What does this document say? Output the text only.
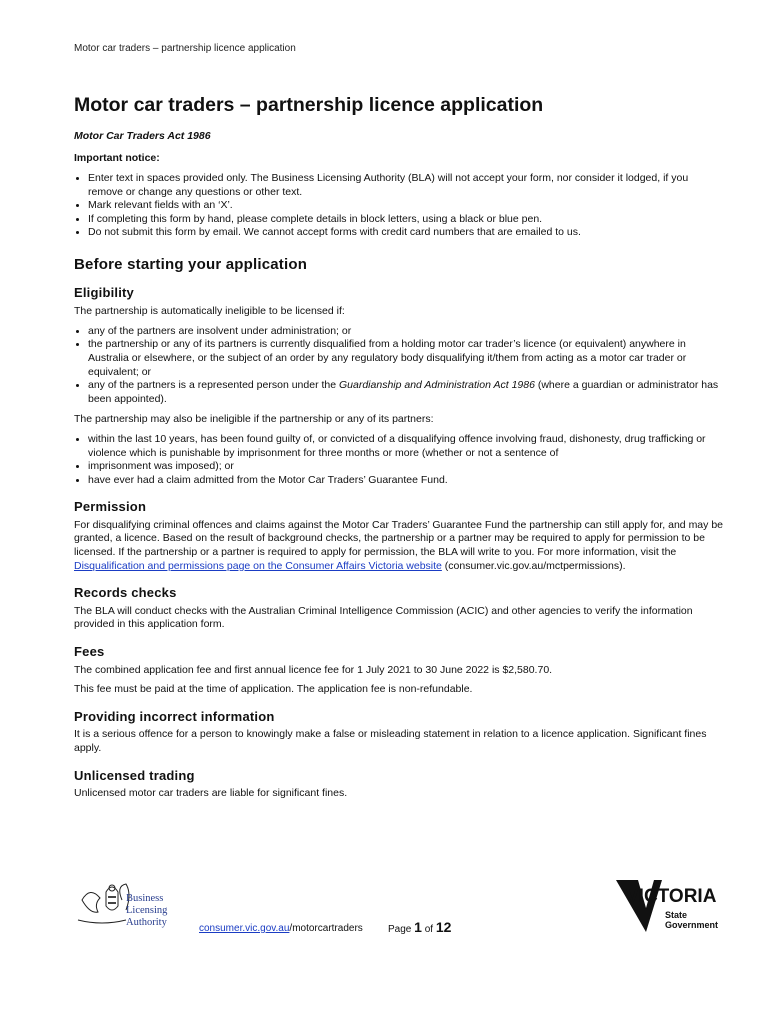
Motor car traders – partnership licence application
Motor car traders – partnership licence application
Motor Car Traders Act 1986
Important notice:
• Enter text in spaces provided only. The Business Licensing Authority (BLA) will not accept your form, nor consider it lodged, if you remove or change any questions or other text.
• Mark relevant fields with an ‘X’.
• If completing this form by hand, please complete details in block letters, using a black or blue pen.
• Do not submit this form by email. We cannot accept forms with credit card numbers that are emailed to us.
Before starting your application
Eligibility

The partnership is automatically ineligible to be licensed if:

• any of the partners are insolvent under administration; or
• the partnership or any of its partners is currently disqualified from a holding motor car trader’s licence (or equivalent) anywhere in Australia or elsewhere, or the subject of an order by any regulatory body disqualifying it/them from acting as a motor car trader or equivalent; or
• any of the partners is a represented person under the Guardianship and Administration Act 1986 (where a guardian or administrator has been appointed).

The partnership may also be ineligible if the partnership or any of its partners:

• within the last 10 years, has been found guilty of, or convicted of a disqualifying offence involving fraud, dishonesty, drug trafficking or violence which is punishable by imprisonment for three months or more (whether or not a sentence of
• imprisonment was imposed); or
• have ever had a claim admitted from the Motor Car Traders’ Guarantee Fund.
Permission

For disqualifying criminal offences and claims against the Motor Car Traders’ Guarantee Fund the partnership can still apply for, and may be granted, a licence. Based on the result of background checks, the partnership or a partner may be required to apply for permission to be licensed. If the partnership or a partner is required to apply for permission, the BLA will write to you. For more information, visit the Disqualification and permissions page on the Consumer Affairs Victoria website (consumer.vic.gov.au/mctpermissions).

Records checks

The BLA will conduct checks with the Australian Criminal Intelligence Commission (ACIC) and other agencies to verify the information provided in this application form.

Fees

The combined application fee and first annual licence fee for 1 July 2021 to 30 June 2022 is $2,580.70.

This fee must be paid at the time of application. The application fee is non-refundable.

Providing incorrect information

It is a serious offence for a person to knowingly make a false or misleading statement in relation to a licence application. Significant fines apply.

Unlicensed trading

Unlicensed motor car traders are liable for significant fines.

Business
Licensing
Authority
consumer.vic.gov.au/motorcartraders	Page 1 of 12
VICTORIA
State
Government
